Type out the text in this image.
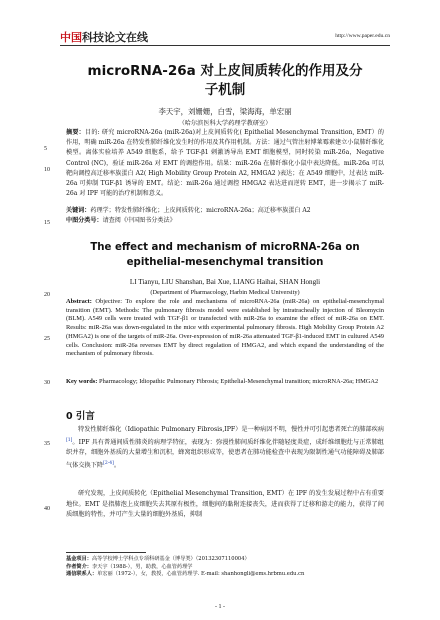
中国科技论文在线	http://www.paper.edu.cn
5
10
15
20
25
30
35
40
microRNA-26a 对上皮间质转化的作用及分
子机制
李天宇，刘姗姗，白雪，梁海海，单宏丽
（哈尔滨医科大学药理学教研室）
摘要：目的: 研究 microRNA-26a (miR-26a)对上皮间质转化( Epithelial Mesenchymal Transition, EMT）的作用，明确 miR-26a 在特发性肺纤维化发生时的作用及其作用机制。方法：通过气管注射博莱霉素建立小鼠肺纤维化模型。离体实验培养 A549 细胞系，给予 TGF-β1 刺激诱导出 EMT 细胞模型，同时转染 miR-26a，Negative Control (NC)，验证 miR-26a 对 EMT 的调控作用。结果：miR-26a 在肺纤维化小鼠中表达降低。miR-26a 可以靶向调控高迁移率族蛋白 A2( High Mobility Group Protein A2, HMGA2 )表达；在 A549 细胞中，过表达 miR-26a 可抑制 TGF-β1 诱导的 EMT。结论：miR-26a 通过调控 HMGA2 表达进而逆转 EMT，进一步揭示了 miR-26a 对 IPF 可能的治疗机制和意义。
关键词：药理学；特发性肺纤维化；上皮间质转化；microRNA-26a；高迁移率族蛋白 A2
中图分类号：请查阅《中国图书分类法》
The effect and mechanism of microRNA-26a on
epithelial-mesenchymal transition
LI Tianyu, LIU Shanshan, Bai Xue, LIANG Haihai, SHAN Hongli
(Department of Pharmacology, Harbin Medical University)
Abstract: Objective: To explore the role and mechanisms of microRNA-26a (miR-26a) on epithelial-mesenchymal transition (EMT). Methods: The pulmonary fibrosis model were established by intratracheally injection of Bleomycin (BLM). A549 cells were treated with TGF-β1 or transfected with miR-26a to examine the effect of miR-26a on EMT. Results: miR-26a was down-regulated in the mice with experimental pulmonary fibrosis. High Mobility Group Protein A2 (HMGA2) is one of the targets of miR-26a. Over-expression of miR-26a attenuated TGF-β1-induced EMT in cultured A549 cells. Conclusion: miR-26a reverses EMT by direct regulation of HMGA2, and which expand the understanding of the mechanism of pulmonary fibrosis.
Key words: Pharmacology; Idiopathic Pulmonary Fibrosis; Epithelial-Mesenchymal transition; microRNA-26a; HMGA2
0 引言
特发性肺纤维化（Idiopathic Pulmonary Fibrosis,IPF）是一种病因不明，慢性并可引起患者死亡的肺部疾病[1]。IPF 具有普通间质性肺炎的病理学特征，表现为：弥漫性肺间质纤维化伴随轻度炎症，成纤维细胞灶与正常肺组织并存，细胞外基质的大量增生和沉积，蜂窝组织形成等，使患者在肺功能检查中表现为限制性通气功能障碍及肺部气体交换下降[2-4]。
研究发现，上皮间质转化（Epithelial Mesenchymal Transition, EMT）在 IPF 的发生发展过程中占有重要地位。EMT 是指肺泡上皮细胞失去其原有极性，细胞间的黏附连接丧失，进而获得了迁移和游走的能力，获得了间质细胞的特性，并可产生大量的细胞外基质，抑制
基金项目：高等学校博士学科点专项科研基金（博导类）（20132307110004）
作者简介：李天宇（1988-），男，助教，心血管药理学
通信联系人：单宏丽（1972-），女，教授，心血管药理学. E-mail: shanhongli@ems.hrbmu.edu.cn
- 1 -
